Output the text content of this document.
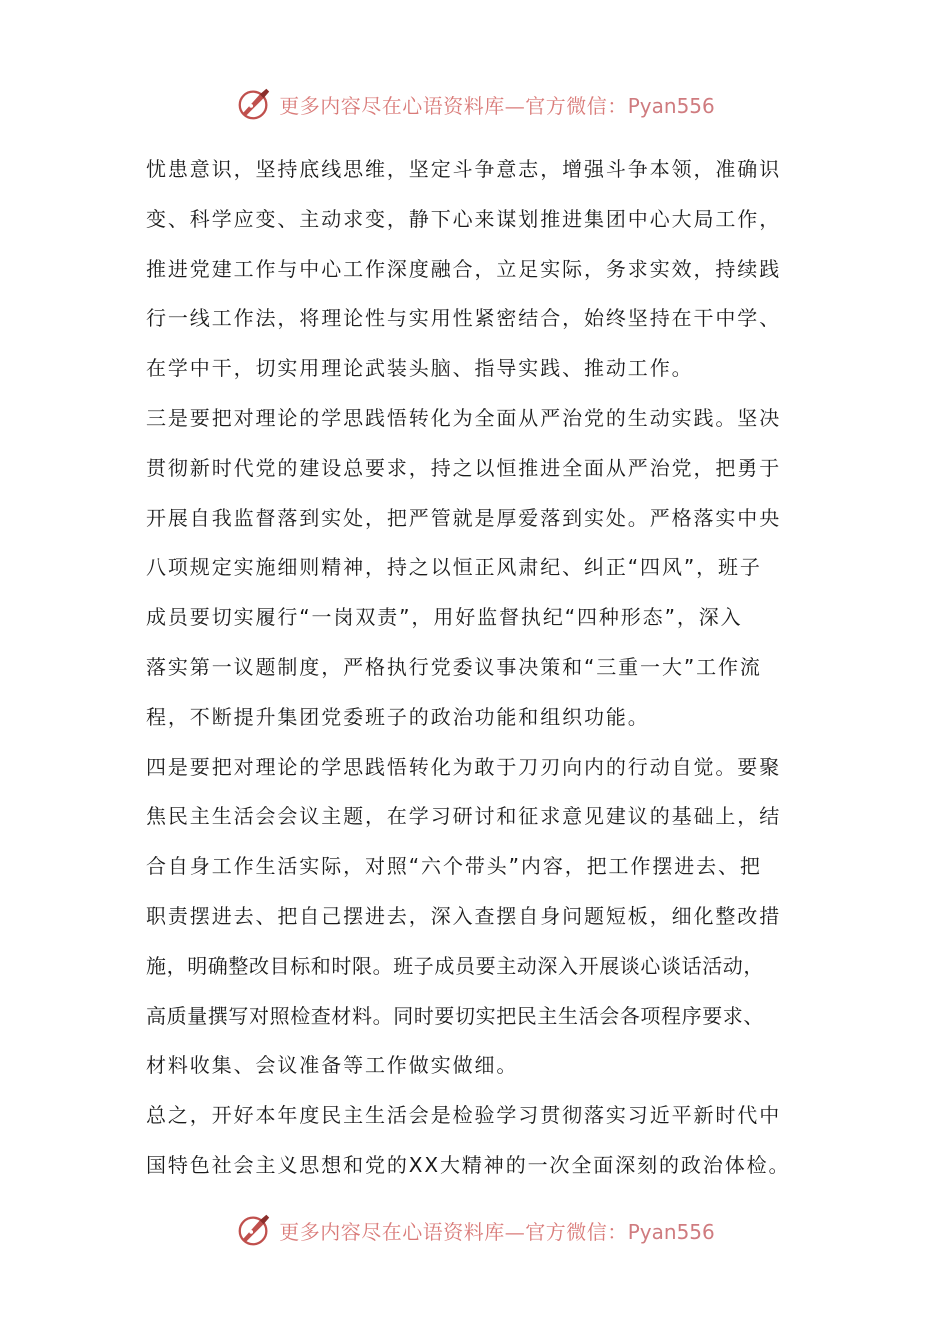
更多内容尽在心语资料库—官方微信：Pyan556
忧患意识，坚持底线思维，坚定斗争意志，增强斗争本领，准确识
变、科学应变、主动求变，静下心来谋划推进集团中心大局工作，
推进党建工作与中心工作深度融合，立足实际，务求实效，持续践
行一线工作法，将理论性与实用性紧密结合，始终坚持在干中学、
在学中干，切实用理论武装头脑、指导实践、推动工作。
三是要把对理论的学思践悟转化为全面从严治党的生动实践。坚决
贯彻新时代党的建设总要求，持之以恒推进全面从严治党，把勇于
开展自我监督落到实处，把严管就是厚爱落到实处。严格落实中央
八项规定实施细则精神，持之以恒正风肃纪、纠正“四风”，班子
成员要切实履行“一岗双责”，用好监督执纪“四种形态”，深入
落实第一议题制度，严格执行党委议事决策和“三重一大”工作流
程，不断提升集团党委班子的政治功能和组织功能。
四是要把对理论的学思践悟转化为敢于刀刃向内的行动自觉。要聚
焦民主生活会会议主题，在学习研讨和征求意见建议的基础上，结
合自身工作生活实际，对照“六个带头”内容，把工作摆进去、把
职责摆进去、把自己摆进去，深入查摆自身问题短板，细化整改措
施，明确整改目标和时限。班子成员要主动深入开展谈心谈话活动，
高质量撰写对照检查材料。同时要切实把民主生活会各项程序要求、
材料收集、会议准备等工作做实做细。
总之，开好本年度民主生活会是检验学习贯彻落实习近平新时代中
国特色社会主义思想和党的XX大精神的一次全面深刻的政治体检。
更多内容尽在心语资料库—官方微信：Pyan556
